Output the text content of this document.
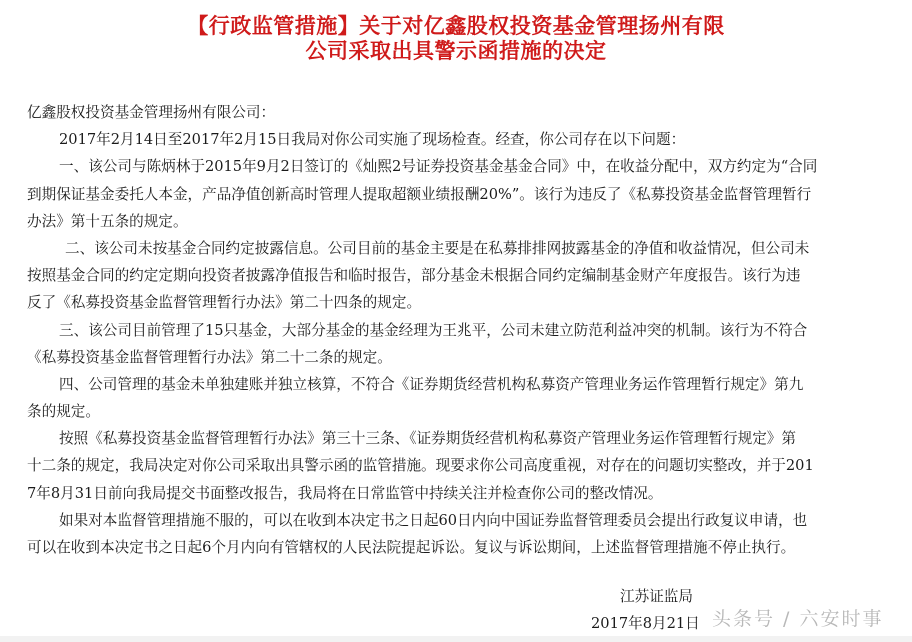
【行政监管措施】关于对亿鑫股权投资基金管理扬州有限
公司采取出具警示函措施的决定
亿鑫股权投资基金管理扬州有限公司：
2017年2月14日至2017年2月15日我局对你公司实施了现场检查。经查，你公司存在以下问题：
一、该公司与陈炳林于2015年9月2日签订的《灿熙2号证券投资基金基金合同》中，在收益分配中，双方约定为“合同
到期保证基金委托人本金，产品净值创新高时管理人提取超额业绩报酬20%”。该行为违反了《私募投资基金监督管理暂行
办法》第十五条的规定。
二、该公司未按基金合同约定披露信息。公司目前的基金主要是在私募排排网披露基金的净值和收益情况，但公司未
按照基金合同的约定定期向投资者披露净值报告和临时报告，部分基金未根据合同约定编制基金财产年度报告。该行为违
反了《私募投资基金监督管理暂行办法》第二十四条的规定。
三、该公司目前管理了15只基金，大部分基金的基金经理为王兆平，公司未建立防范利益冲突的机制。该行为不符合
《私募投资基金监督管理暂行办法》第二十二条的规定。
四、公司管理的基金未单独建账并独立核算，不符合《证券期货经营机构私募资产管理业务运作管理暂行规定》第九
条的规定。
按照《私募投资基金监督管理暂行办法》第三十三条、《证券期货经营机构私募资产管理业务运作管理暂行规定》第
十二条的规定，我局决定对你公司采取出具警示函的监管措施。现要求你公司高度重视，对存在的问题切实整改，并于201
7年8月31日前向我局提交书面整改报告，我局将在日常监管中持续关注并检查你公司的整改情况。
如果对本监督管理措施不服的，可以在收到本决定书之日起60日内向中国证券监督管理委员会提出行政复议申请，也
可以在收到本决定书之日起6个月内向有管辖权的人民法院提起诉讼。复议与诉讼期间，上述监督管理措施不停止执行。
江苏证监局
2017年8月21日 头条号 / 六安时事
